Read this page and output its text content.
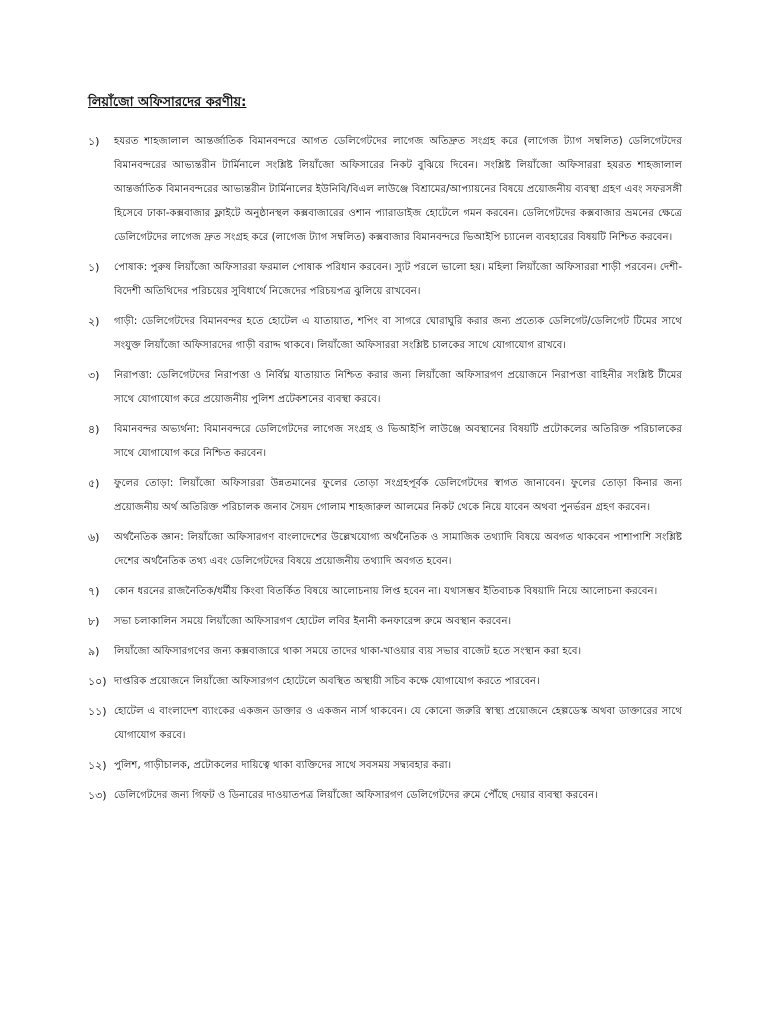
লিয়াঁজো অফিসারদের করণীয়:
১)	হযরত শাহজালাল আন্তর্জাতিক বিমানবন্দরে আগত ডেলিগেটদের লাগেজ অতিদ্রুত সংগ্রহ করে (লাগেজ ট্যাগ সম্বলিত) ডেলিগেটদের বিমানবন্দরের আভ্যন্তরীন টার্মিনালে সংশ্লিষ্ট লিয়াঁজো অফিসারের নিকট বুঝিয়ে দিবেন। সংশ্লিষ্ট লিয়াঁজো অফিসাররা হযরত শাহজালাল আন্তর্জাতিক বিমানবন্দরের আভ্যন্তরীন টার্মিনালের ইউনিবি/বিএল লাউঞ্জে বিশ্রামের/আপ্যায়নের বিষয়ে প্রয়োজনীয় ব্যবস্থা গ্রহণ এবং সফরসঙ্গী হিসেবে ঢাকা-কক্সবাজার ফ্লাইটে অনুষ্ঠানস্থল কক্সবাজারের ওশান প্যারাডাইজ হোটেলে গমন করবেন। ডেলিগেটদের কক্সবাজার ভ্রমনের ক্ষেত্রে ডেলিগেটদের লাগেজ দ্রুত সংগ্রহ করে (লাগেজ ট্যাগ সম্বলিত) কক্সবাজার বিমানবন্দরে ভিআইপি চ্যানেল ব্যবহারের বিষয়টি নিশ্চিত করবেন।
১)	পোষাক: পুরুষ লিয়াঁজো অফিসাররা ফরমাল পোষাক পরিধান করবেন। স্যুট পরলে ভালো হয়। মহিলা লিয়াঁজো অফিসাররা শাড়ী পরবেন। দেশী-বিদেশী অতিথিদের পরিচয়ের সুবিধার্থে নিজেদের পরিচয়পত্র ঝুলিয়ে রাখবেন।
২)	গাড়ী: ডেলিগেটদের বিমানবন্দর হতে হোটেল এ যাতায়াত, শপিং বা সাগরে ঘোরাঘুরি করার জন্য প্রত্যেক ডেলিগেট/ডেলিগেট টিমের সাথে সংযুক্ত লিয়াঁজো অফিসারদের গাড়ী বরাদ্দ থাকবে। লিয়াঁজো অফিসাররা সংশ্লিষ্ট চালকের সাথে যোগাযোগ রাখবে।
৩)	নিরাপত্তা: ডেলিগেটদের নিরাপত্তা ও নির্বিঘ্ন যাতায়াত নিশ্চিত করার জন্য লিয়াঁজো অফিসারগণ প্রয়োজনে নিরাপত্তা বাহিনীর সংশ্লিষ্ট টীমের সাথে যোগাযোগ করে প্রয়োজনীয় পুলিশ প্রটেকশনের ব্যবস্থা করবে।
৪)	বিমানবন্দর অভ্যর্থনা: বিমানবন্দরে ডেলিগেটদের লাগেজ সংগ্রহ ও ভিআইপি লাউঞ্জে অবস্থানের বিষয়টি প্রটোকলের অতিরিক্ত পরিচালকের সাথে যোগাযোগ করে নিশ্চিত করবেন।
৫)	ফুলের তোড়া: লিয়াঁজো অফিসাররা উন্নতমানের ফুলের তোড়া সংগ্রহপূর্বক ডেলিগেটদের স্বাগত জানাবেন। ফুলের তোড়া কিনার জন্য প্রয়োজনীয় অর্থ অতিরিক্ত পরিচালক জনাব সৈয়দ গোলাম শাহজারুল আলমের নিকট থেকে নিয়ে যাবেন অথবা পুনর্ভরন গ্রহণ করবেন।
৬)	অর্থনৈতিক জ্ঞান: লিয়াঁজো অফিসারগণ বাংলাদেশের উল্লেখযোগ্য অর্থনৈতিক ও সামাজিক তথ্যাদি বিষয়ে অবগত থাকবেন পাশাপাশি সংশ্লিষ্ট দেশের অর্থনৈতিক তথ্য এবং ডেলিগেটদের বিষয়ে প্রয়োজনীয় তথ্যাদি অবগত হবেন।
৭)	কোন ধরনের রাজনৈতিক/ধর্মীয় কিংবা বিতর্কিত বিষয়ে আলোচনায় লিপ্ত হবেন না। যথাসম্ভব ইতিবাচক বিষয়াদি নিয়ে আলোচনা করবেন।
৮)	সভা চলাকালিন সময়ে লিয়াঁজো অফিসারগণ হোটেল লবির ইনানী কনফারেন্স রুমে অবস্থান করবেন।
৯)	লিয়াঁজো অফিসারগণের জন্য কক্সবাজারে থাকা সময়ে তাদের থাকা-খাওয়ার ব্যয় সভার বাজেট হতে সংস্থান করা হবে।
১০) দাপ্তরিক প্রয়োজনে লিয়াঁজো অফিসারগণ হোটেলে অবস্থিত অস্থায়ী সচিব কক্ষে যোগাযোগ করতে পারবেন।
১১) হোটেল এ বাংলাদেশ ব্যাংকের একজন ডাক্তার ও একজন নার্স থাকবেন। যে কোনো জরুরি স্বাস্থ্য প্রয়োজনে হেল্পডেস্ক অথবা ডাক্তারের সাথে যোগাযোগ করবে।
১২) পুলিশ, গাড়ীচালক, প্রটোকলের দায়িত্বে থাকা ব্যক্তিদের সাথে সবসময় সদ্ব্যবহার করা।
১৩) ডেলিগেটদের জন্য গিফট ও ডিনারের দাওয়াতপত্র লিয়াঁজো অফিসারগণ ডেলিগেটদের রুমে পৌঁছে দেয়ার ব্যবস্থা করবেন।
